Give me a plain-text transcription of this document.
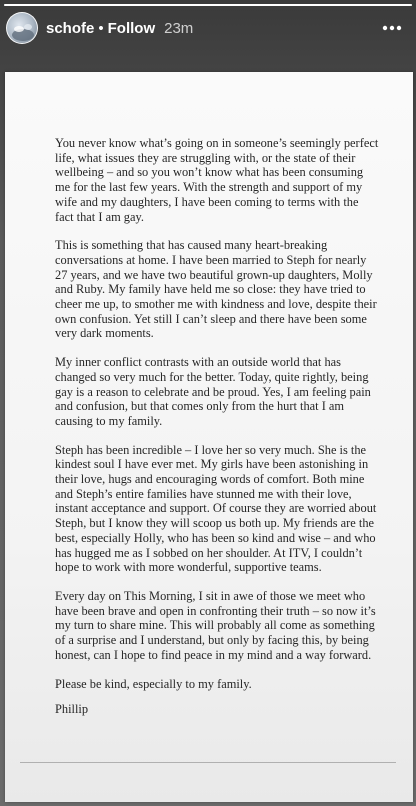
schofe • Follow 23m

You never know what’s going on in someone’s seemingly perfect life, what issues they are struggling with, or the state of their wellbeing – and so you won’t know what has been consuming me for the last few years. With the strength and support of my wife and my daughters, I have been coming to terms with the fact that I am gay.

This is something that has caused many heart-breaking conversations at home. I have been married to Steph for nearly 27 years, and we have two beautiful grown-up daughters, Molly and Ruby. My family have held me so close: they have tried to cheer me up, to smother me with kindness and love, despite their own confusion. Yet still I can’t sleep and there have been some very dark moments.

My inner conflict contrasts with an outside world that has changed so very much for the better. Today, quite rightly, being gay is a reason to celebrate and be proud. Yes, I am feeling pain and confusion, but that comes only from the hurt that I am causing to my family.

Steph has been incredible – I love her so very much. She is the kindest soul I have ever met. My girls have been astonishing in their love, hugs and encouraging words of comfort. Both mine and Steph’s entire families have stunned me with their love, instant acceptance and support. Of course they are worried about Steph, but I know they will scoop us both up. My friends are the best, especially Holly, who has been so kind and wise – and who has hugged me as I sobbed on her shoulder. At ITV, I couldn’t hope to work with more wonderful, supportive teams.

Every day on This Morning, I sit in awe of those we meet who have been brave and open in confronting their truth – so now it’s my turn to share mine. This will probably all come as something of a surprise and I understand, but only by facing this, by being honest, can I hope to find peace in my mind and a way forward.

Please be kind, especially to my family.

Phillip
